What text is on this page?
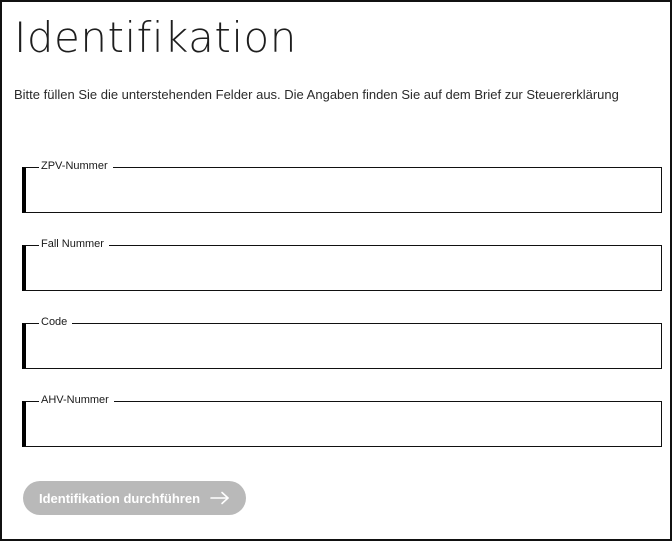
Identifikation

Bitte füllen Sie die unterstehenden Felder aus. Die Angaben finden Sie auf dem Brief zur Steuererklärung

ZPV-Nummer
Fall Nummer
Code
AHV-Nummer
Identifikation durchführen
